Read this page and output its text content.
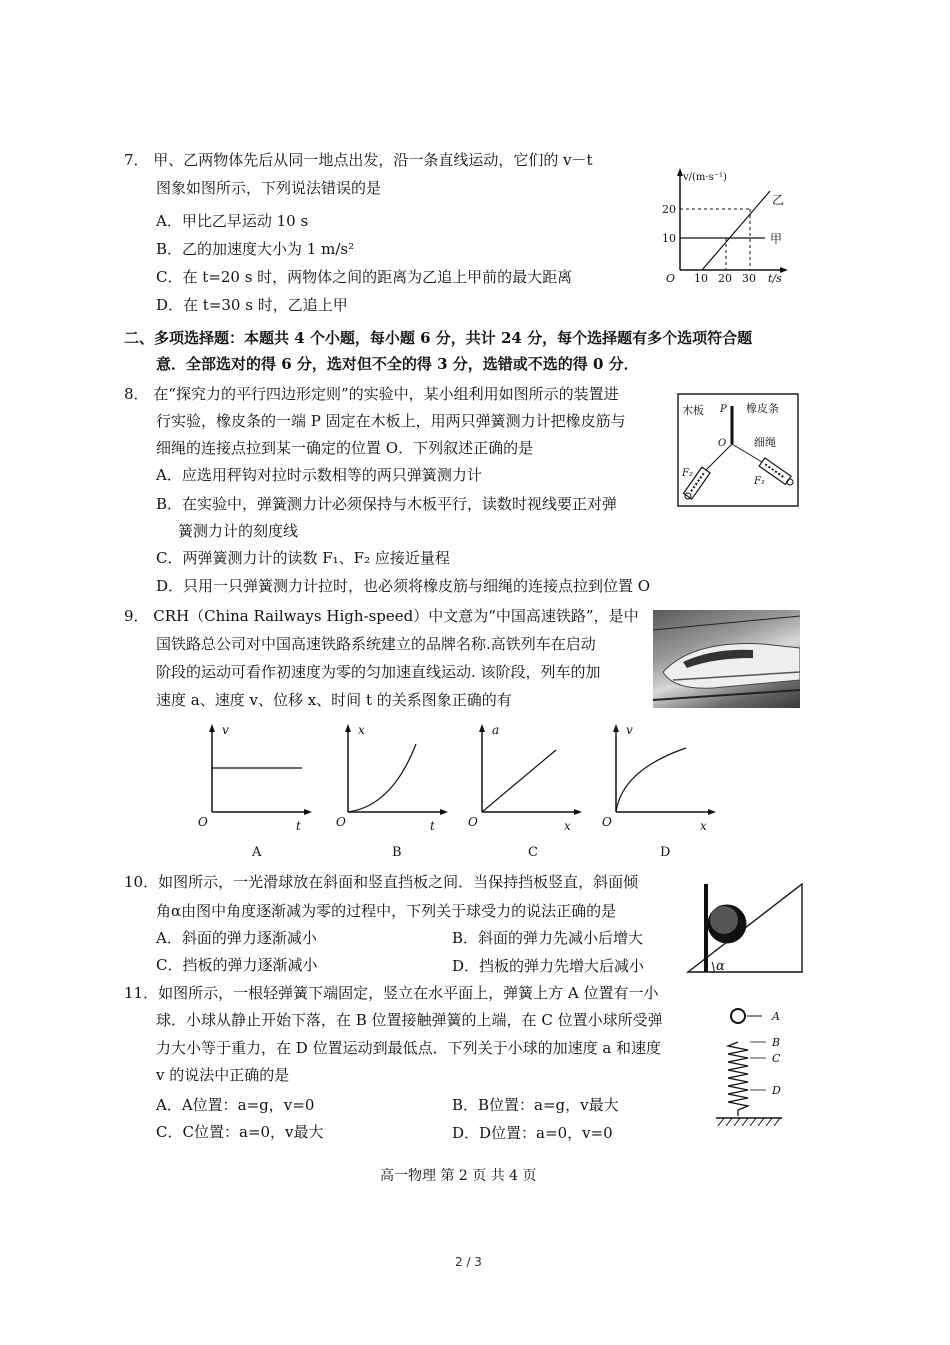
7． 甲、乙两物体先后从同一地点出发，沿一条直线运动，它们的 v－t
图象如图所示，下列说法错误的是
A．甲比乙早运动 10 s
B．乙的加速度大小为 1 m/s²
C．在 t=20 s 时，两物体之间的距离为乙追上甲前的最大距离
D．在 t=30 s 时，乙追上甲
v/(m·s⁻¹)
20
10
O 10 20 30 t/s
乙
甲
二、多项选择题：本题共 4 个小题，每小题 6 分，共计 24 分，每个选择题有多个选项符合题
意．全部选对的得 6 分，选对但不全的得 3 分，选错或不选的得 0 分．
8． 在“探究力的平行四边形定则”的实验中，某小组利用如图所示的装置进
行实验，橡皮条的一端 P 固定在木板上，用两只弹簧测力计把橡皮筋与
细绳的连接点拉到某一确定的位置 O．下列叙述正确的是
A．应选用秤钩对拉时示数相等的两只弹簧测力计
B．在实验中，弹簧测力计必须保持与木板平行，读数时视线要正对弹
簧测力计的刻度线
C．两弹簧测力计的读数 F₁、F₂ 应接近量程
D．只用一只弹簧测力计拉时，也必须将橡皮筋与细绳的连接点拉到位置 O
木板 P 橡皮条
O	细绳
F₂
F₁
9． CRH（China Railways High-speed）中文意为“中国高速铁路”，是中
国铁路总公司对中国高速铁路系统建立的品牌名称.高铁列车在启动
阶段的运动可看作初速度为零的匀加速直线运动. 该阶段，列车的加
速度 a、速度 v、位移 x、时间 t 的关系图象正确的有
v
O	t
A
x
O	t
B
a
O	x
C
v
O	x
D
10．如图所示，一光滑球放在斜面和竖直挡板之间．当保持挡板竖直，斜面倾
角α由图中角度逐渐减为零的过程中，下列关于球受力的说法正确的是
A．斜面的弹力逐渐减小	B．斜面的弹力先减小后增大
C．挡板的弹力逐渐减小	D．挡板的弹力先增大后减小	α
11．如图所示，一根轻弹簧下端固定，竖立在水平面上，弹簧上方 A 位置有一小
球．小球从静止开始下落，在 B 位置接触弹簧的上端，在 C 位置小球所受弹
力大小等于重力，在 D 位置运动到最低点．下列关于小球的加速度 a 和速度
v 的说法中正确的是
A．A位置：a=g，v=0	B．B位置：a=g，v最大
C．C位置：a=0，v最大	D．D位置：a=0，v=0
A
B
C
D
高一物理 第 2 页 共 4 页
2 / 3
